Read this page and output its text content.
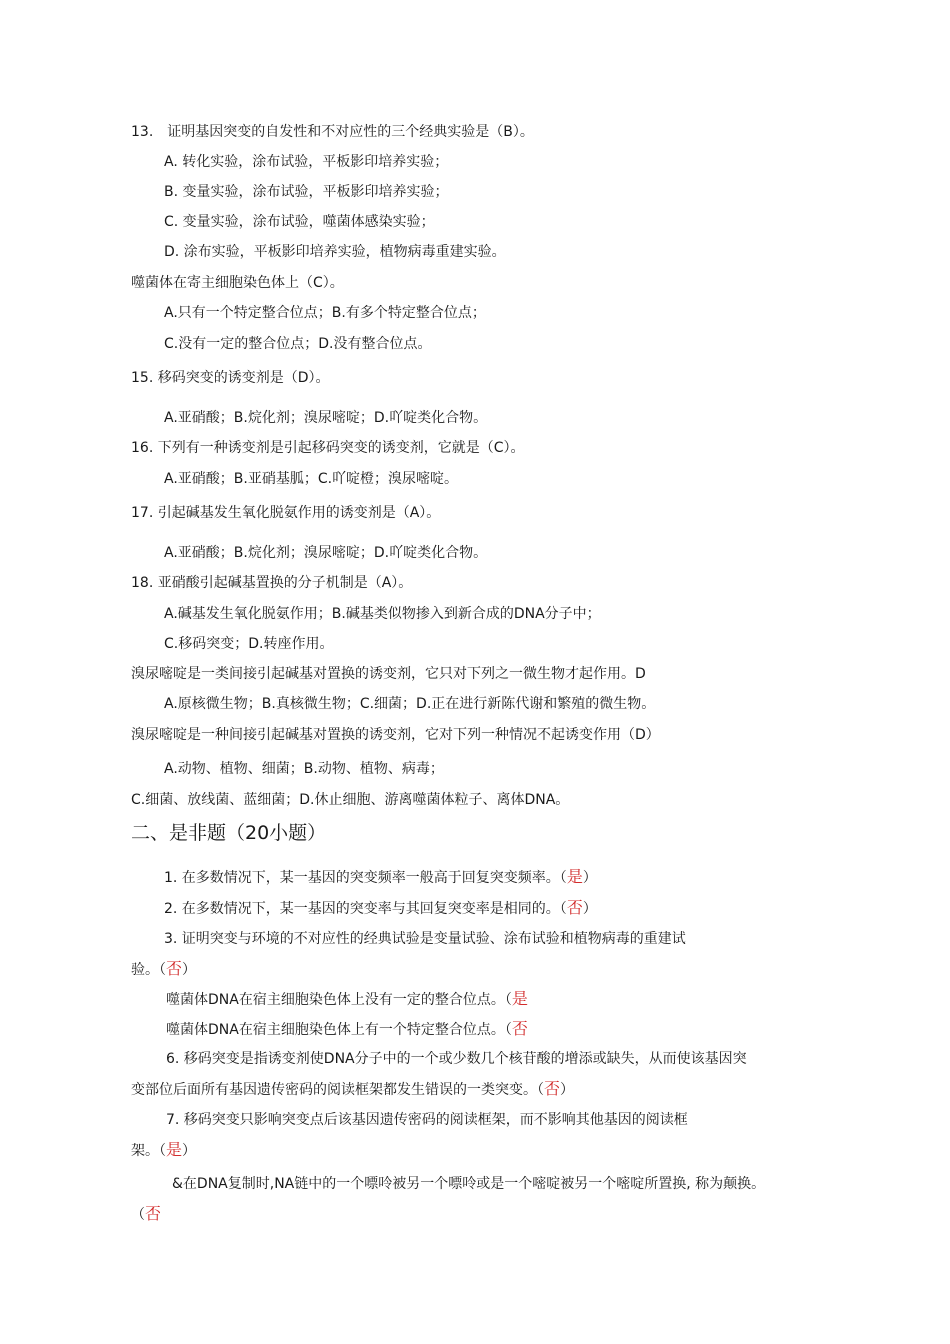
13.　证明基因突变的自发性和不对应性的三个经典实验是（B）。
A. 转化实验，涂布试验，平板影印培养实验；
B. 变量实验，涂布试验，平板影印培养实验；
C. 变量实验，涂布试验，噬菌体感染实验；
D. 涂布实验，平板影印培养实验，植物病毒重建实验。
噬菌体在寄主细胞染色体上（C）。
A.只有一个特定整合位点；B.有多个特定整合位点；
C.没有一定的整合位点；D.没有整合位点。
15. 移码突变的诱变剂是（D）。
A.亚硝酸；B.烷化剂；溴尿嘧啶；D.吖啶类化合物。
16. 下列有一种诱变剂是引起移码突变的诱变剂，它就是（C）。
A.亚硝酸；B.亚硝基胍；C.吖啶橙；溴尿嘧啶。
17. 引起碱基发生氧化脱氨作用的诱变剂是（A）。
A.亚硝酸；B.烷化剂；溴尿嘧啶；D.吖啶类化合物。
18. 亚硝酸引起碱基置换的分子机制是（A）。
A.碱基发生氧化脱氨作用；B.碱基类似物掺入到新合成的DNA分子中；
C.移码突变；D.转座作用。
溴尿嘧啶是一类间接引起碱基对置换的诱变剂，它只对下列之一微生物才起作用。D
A.原核微生物；B.真核微生物；C.细菌；D.正在进行新陈代谢和繁殖的微生物。
溴尿嘧啶是一种间接引起碱基对置换的诱变剂，它对下列一种情况不起诱变作用（D）
A.动物、植物、细菌；B.动物、植物、病毒；
C.细菌、放线菌、蓝细菌；D.休止细胞、游离噬菌体粒子、离体DNA。
二、是非题（20小题）
1. 在多数情况下，某一基因的突变频率一般高于回复突变频率。（是）
2. 在多数情况下，某一基因的突变率与其回复突变率是相同的。（否）
3. 证明突变与环境的不对应性的经典试验是变量试验、涂布试验和植物病毒的重建试
验。（否）
噬菌体DNA在宿主细胞染色体上没有一定的整合位点。（是
噬菌体DNA在宿主细胞染色体上有一个特定整合位点。（否
6. 移码突变是指诱变剂使DNA分子中的一个或少数几个核苷酸的增添或缺失，从而使该基因突
变部位后面所有基因遗传密码的阅读框架都发生错误的一类突变。（否）
7. 移码突变只影响突变点后该基因遗传密码的阅读框架，而不影响其他基因的阅读框
架。（是）
&在DNA复制时,NA链中的一个嘌呤被另一个嘌呤或是一个嘧啶被另一个嘧啶所置换, 称为颠换。
（否
